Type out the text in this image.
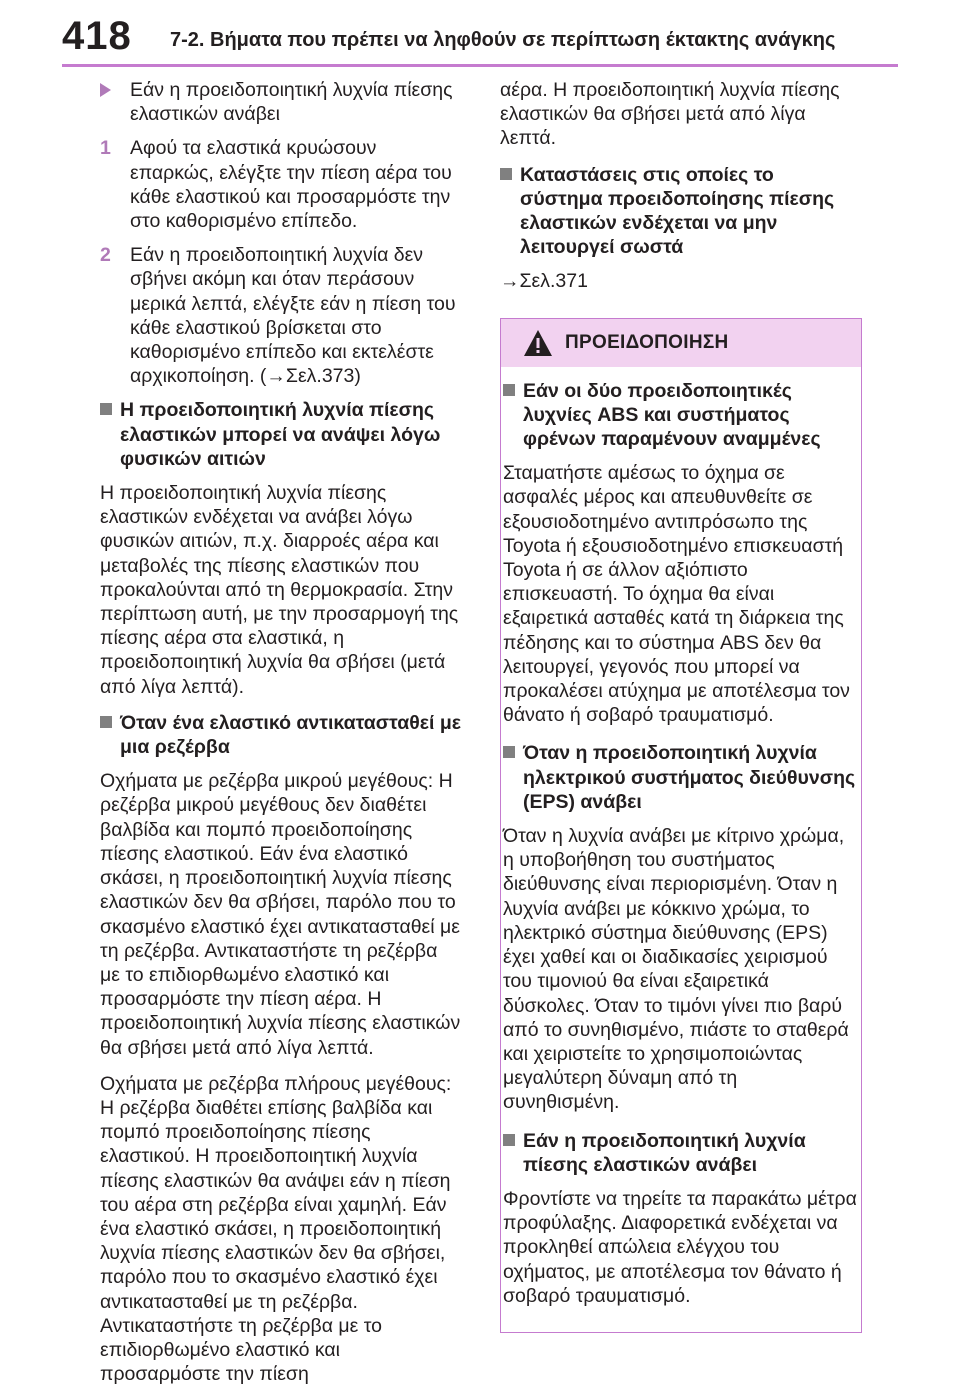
418 7-2. Βήματα που πρέπει να ληφθούν σε περίπτωση έκτακτης ανάγκης

Εάν η προειδοποιητική λυχνία πίεσης ελαστικών ανάβει

1 Αφού τα ελαστικά κρυώσουν επαρκώς, ελέγξτε την πίεση αέρα του κάθε ελαστικού και προσαρμόστε την στο καθορισμένο επίπεδο.

2 Εάν η προειδοποιητική λυχνία δεν σβήνει ακόμη και όταν περάσουν μερικά λεπτά, ελέγξτε εάν η πίεση του κάθε ελαστικού βρίσκεται στο καθορισμένο επίπεδο και εκτελέστε αρχικοποίηση. (→Σελ.373)

Η προειδοποιητική λυχνία πίεσης ελαστικών μπορεί να ανάψει λόγω φυσικών αιτιών

Η προειδοποιητική λυχνία πίεσης ελαστικών ενδέχεται να ανάβει λόγω φυσικών αιτιών, π.χ. διαρροές αέρα και μεταβολές της πίεσης ελαστικών που προκαλούνται από τη θερμοκρασία. Στην περίπτωση αυτή, με την προσαρμογή της πίεσης αέρα στα ελαστικά, η προειδοποιητική λυχνία θα σβήσει (μετά από λίγα λεπτά).

Όταν ένα ελαστικό αντικατασταθεί με μια ρεζέρβα

Οχήματα με ρεζέρβα μικρού μεγέθους: Η ρεζέρβα μικρού μεγέθους δεν διαθέτει βαλβίδα και πομπό προειδοποίησης πίεσης ελαστικού. Εάν ένα ελαστικό σκάσει, η προειδοποιητική λυχνία πίεσης ελαστικών δεν θα σβήσει, παρόλο που το σκασμένο ελαστικό έχει αντικατασταθεί με τη ρεζέρβα. Αντικαταστήστε τη ρεζέρβα με το επιδιορθωμένο ελαστικό και προσαρμόστε την πίεση αέρα. Η προειδοποιητική λυχνία πίεσης ελαστικών θα σβήσει μετά από λίγα λεπτά.

Οχήματα με ρεζέρβα πλήρους μεγέθους: Η ρεζέρβα διαθέτει επίσης βαλβίδα και πομπό προειδοποίησης πίεσης ελαστικού. Η προειδοποιητική λυχνία πίεσης ελαστικών θα ανάψει εάν η πίεση του αέρα στη ρεζέρβα είναι χαμηλή. Εάν ένα ελαστικό σκάσει, η προειδοποιητική λυχνία πίεσης ελαστικών δεν θα σβήσει, παρόλο που το σκασμένο ελαστικό έχει αντικατασταθεί με τη ρεζέρβα. Αντικαταστήστε τη ρεζέρβα με το επιδιορθωμένο ελαστικό και προσαρμόστε την πίεση

αέρα. Η προειδοποιητική λυχνία πίεσης ελαστικών θα σβήσει μετά από λίγα λεπτά.

Καταστάσεις στις οποίες το σύστημα προειδοποίησης πίεσης ελαστικών ενδέχεται να μην λειτουργεί σωστά

→Σελ.371

ΠΡΟΕΙΔΟΠΟΙΗΣΗ
Εάν οι δύο προειδοποιητικές λυχνίες ABS και συστήματος φρένων παραμένουν αναμμένες

Σταματήστε αμέσως το όχημα σε ασφαλές μέρος και απευθυνθείτε σε εξουσιοδοτημένο αντιπρόσωπο της Toyota ή εξουσιοδοτημένο επισκευαστή Toyota ή σε άλλον αξιόπιστο επισκευαστή. Το όχημα θα είναι εξαιρετικά ασταθές κατά τη διάρκεια της πέδησης και το σύστημα ABS δεν θα λειτουργεί, γεγονός που μπορεί να προκαλέσει ατύχημα με αποτέλεσμα τον θάνατο ή σοβαρό τραυματισμό.

Όταν η προειδοποιητική λυχνία ηλεκτρικού συστήματος διεύθυνσης (EPS) ανάβει

Όταν η λυχνία ανάβει με κίτρινο χρώμα, η υποβοήθηση του συστήματος διεύθυνσης είναι περιορισμένη. Όταν η λυχνία ανάβει με κόκκινο χρώμα, το ηλεκτρικό σύστημα διεύθυνσης (EPS) έχει χαθεί και οι διαδικασίες χειρισμού του τιμονιού θα είναι εξαιρετικά δύσκολες. Όταν το τιμόνι γίνει πιο βαρύ από το συνηθισμένο, πιάστε το σταθερά και χειριστείτε το χρησιμοποιώντας μεγαλύτερη δύναμη από τη συνηθισμένη.

Εάν η προειδοποιητική λυχνία πίεσης ελαστικών ανάβει

Φροντίστε να τηρείτε τα παρακάτω μέτρα προφύλαξης. Διαφορετικά ενδέχεται να προκληθεί απώλεια ελέγχου του οχήματος, με αποτέλεσμα τον θάνατο ή σοβαρό τραυματισμό.
